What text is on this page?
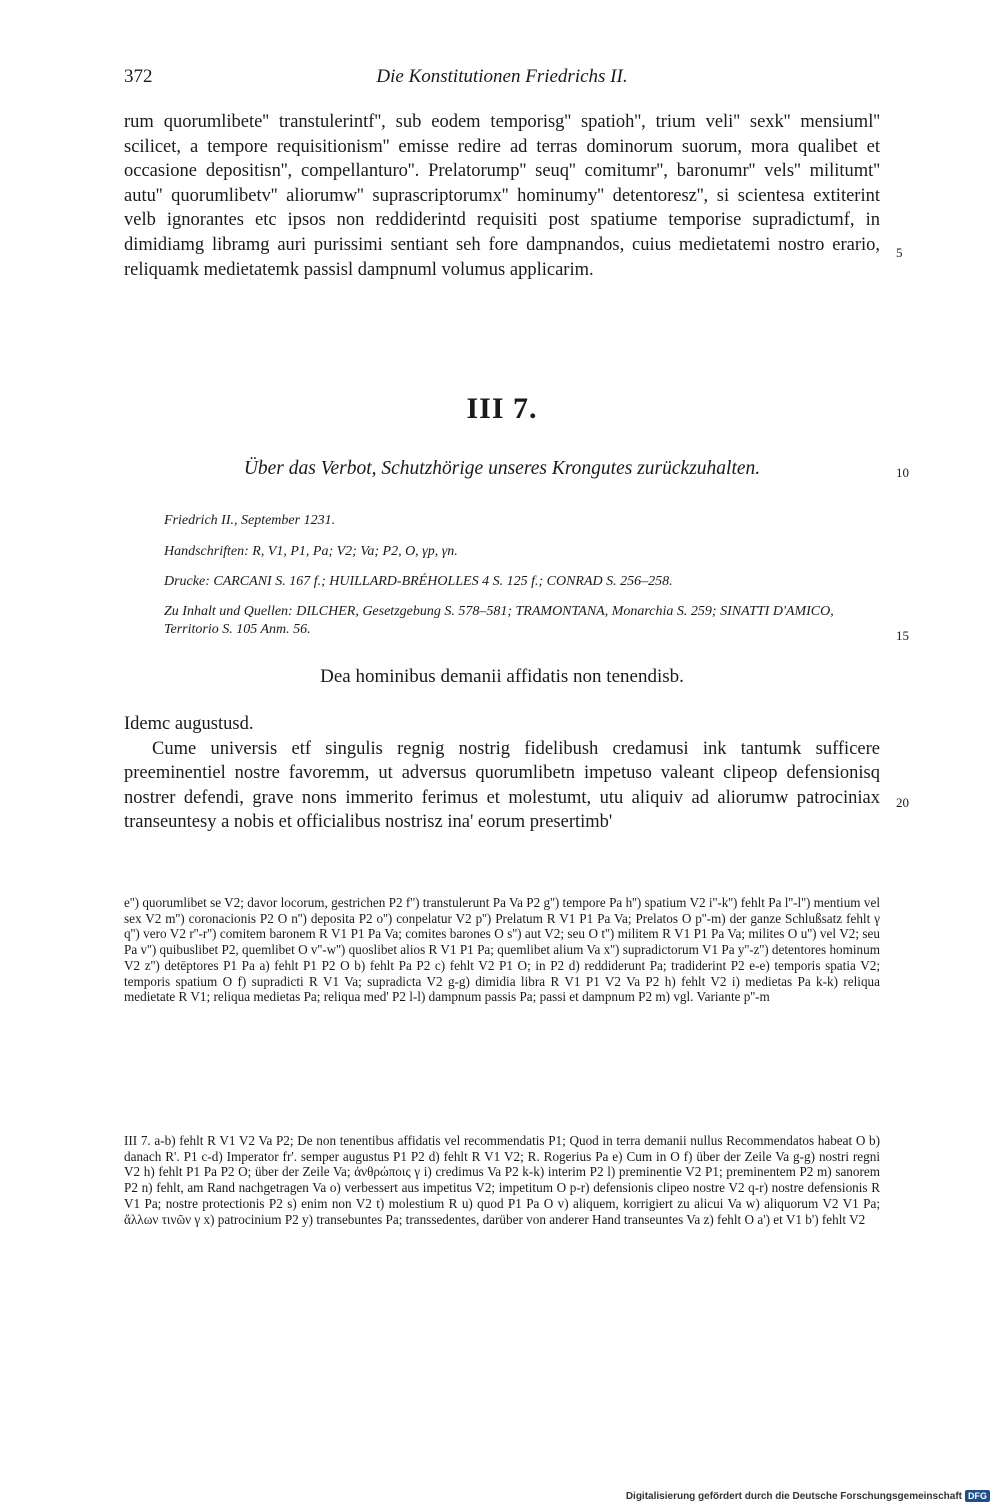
372	Die Konstitutionen Friedrichs II.

rum quorumlibete'' transtulerintf'', sub eodem temporisg'' spatioh'', trium veli'' sexk'' mensiuml'' scilicet, a tempore requisitionism'' emisse redire ad terras dominorum suorum, mora qualibet et occasione depositisn'', compellanturo''. Prelatorump'' seuq'' comitumr'', baronumr'' vels'' militumt'' autu'' quorumlibetv'' aliorumw'' suprascriptorumx'' hominumy'' detentoresz'', si scientesa extiterint velb ignorantes etc ipsos non reddiderintd requisiti post spatiume temporise supradictumf, in dimidiamg libramg auri purissimi sentiant seh fore dampnandos, cuius medietatemi nostro erario, reliquamk medietatemk passisl dampnuml volumus applicarim.

5
III 7.
Über das Verbot, Schutzhörige unseres Krongutes zurückzuhalten.	10
Friedrich II., September 1231.
Handschriften: R, V1, P1, Pa; V2; Va; P2, O, γp, γn.
Drucke: CARCANI S. 167 f.; HUILLARD-BRÉHOLLES 4 S. 125 f.; CONRAD S. 256–258.
Zu Inhalt und Quellen: DILCHER, Gesetzgebung S. 578–581; TRAMONTANA, Monarchia S. 259; SINATTI D'AMICO, Territorio S. 105 Anm. 56.	15
Dea hominibus demanii affidatis non tenendisb.

Idemc augustusd.

Cume universis etf singulis regnig nostrig fidelibush credamusi ink tantumk sufficere preeminentiel nostre favoremm, ut adversus quorumlibetn impetuso valeant clipeop defensionisq nostrer defendi, grave nons immerito ferimus et molestumt, utu aliquiv ad aliorumw patrociniax transeuntesy a nobis et officialibus nostrisz ina' eorum presertimb'

20

e'') quorumlibet se V2; davor locorum, gestrichen P2 f'') transtulerunt Pa Va P2 g'') tempore Pa h'') spatium V2 i''-k'') fehlt Pa l''-l'') mentium vel sex V2 m'') coronacionis P2 O n'') deposita P2 o'') conpelatur V2 p'') Prelatum R V1 P1 Pa Va; Prelatos O p''-m) der ganze Schlußsatz fehlt γ q'') vero V2 r''-r'') comitem baronem R V1 P1 Pa Va; comites barones O s'') aut V2; seu O t'') militem R V1 P1 Pa Va; milites O u'') vel V2; seu Pa v'') quibuslibet P2, quemlibet O v''-w'') quoslibet alios R V1 P1 Pa; quemlibet alium Va x'') supradictorum V1 Pa y''-z'') detentores hominum V2 z'') detēptores P1 Pa a) fehlt P1 P2 O b) fehlt Pa P2 c) fehlt V2 P1 O; in P2 d) reddiderunt Pa; tradiderint P2 e-e) temporis spatia V2; temporis spatium O f) supradicti R V1 Va; supradicta V2 g-g) dimidia libra R V1 P1 V2 Va P2 h) fehlt V2 i) medietas Pa k-k) reliqua medietate R V1; reliqua medietas Pa; reliqua med' P2 l-l) dampnum passis Pa; passi et dampnum P2 m) vgl. Variante p''-m

III 7. a-b) fehlt R V1 V2 Va P2; De non tenentibus affidatis vel recommendatis P1; Quod in terra demanii nullus Recommendatos habeat O b) danach R'. P1 c-d) Imperator fr'. semper augustus P1 P2 d) fehlt R V1 V2; R. Rogerius Pa e) Cum in O f) über der Zeile Va g-g) nostri regni V2 h) fehlt P1 Pa P2 O; über der Zeile Va; ἀνθρώποις γ i) credimus Va P2 k-k) interim P2 l) preminentie V2 P1; preminentem P2 m) sanorem P2 n) fehlt, am Rand nachgetragen Va o) verbessert aus impetitus V2; impetitum O p-r) defensionis clipeo nostre V2 q-r) nostre defensionis R V1 Pa; nostre protectionis P2 s) enim non V2 t) molestium R u) quod P1 Pa O v) aliquem, korrigiert zu alicui Va w) aliquorum V2 V1 Pa; ἄλλων τινῶν γ x) patrocinium P2 y) transebuntes Pa; transsedentes, darüber von anderer Hand transeuntes Va z) fehlt O a') et V1 b') fehlt V2

Digitalisierung gefördert durch die Deutsche Forschungsgemeinschaft DFG
